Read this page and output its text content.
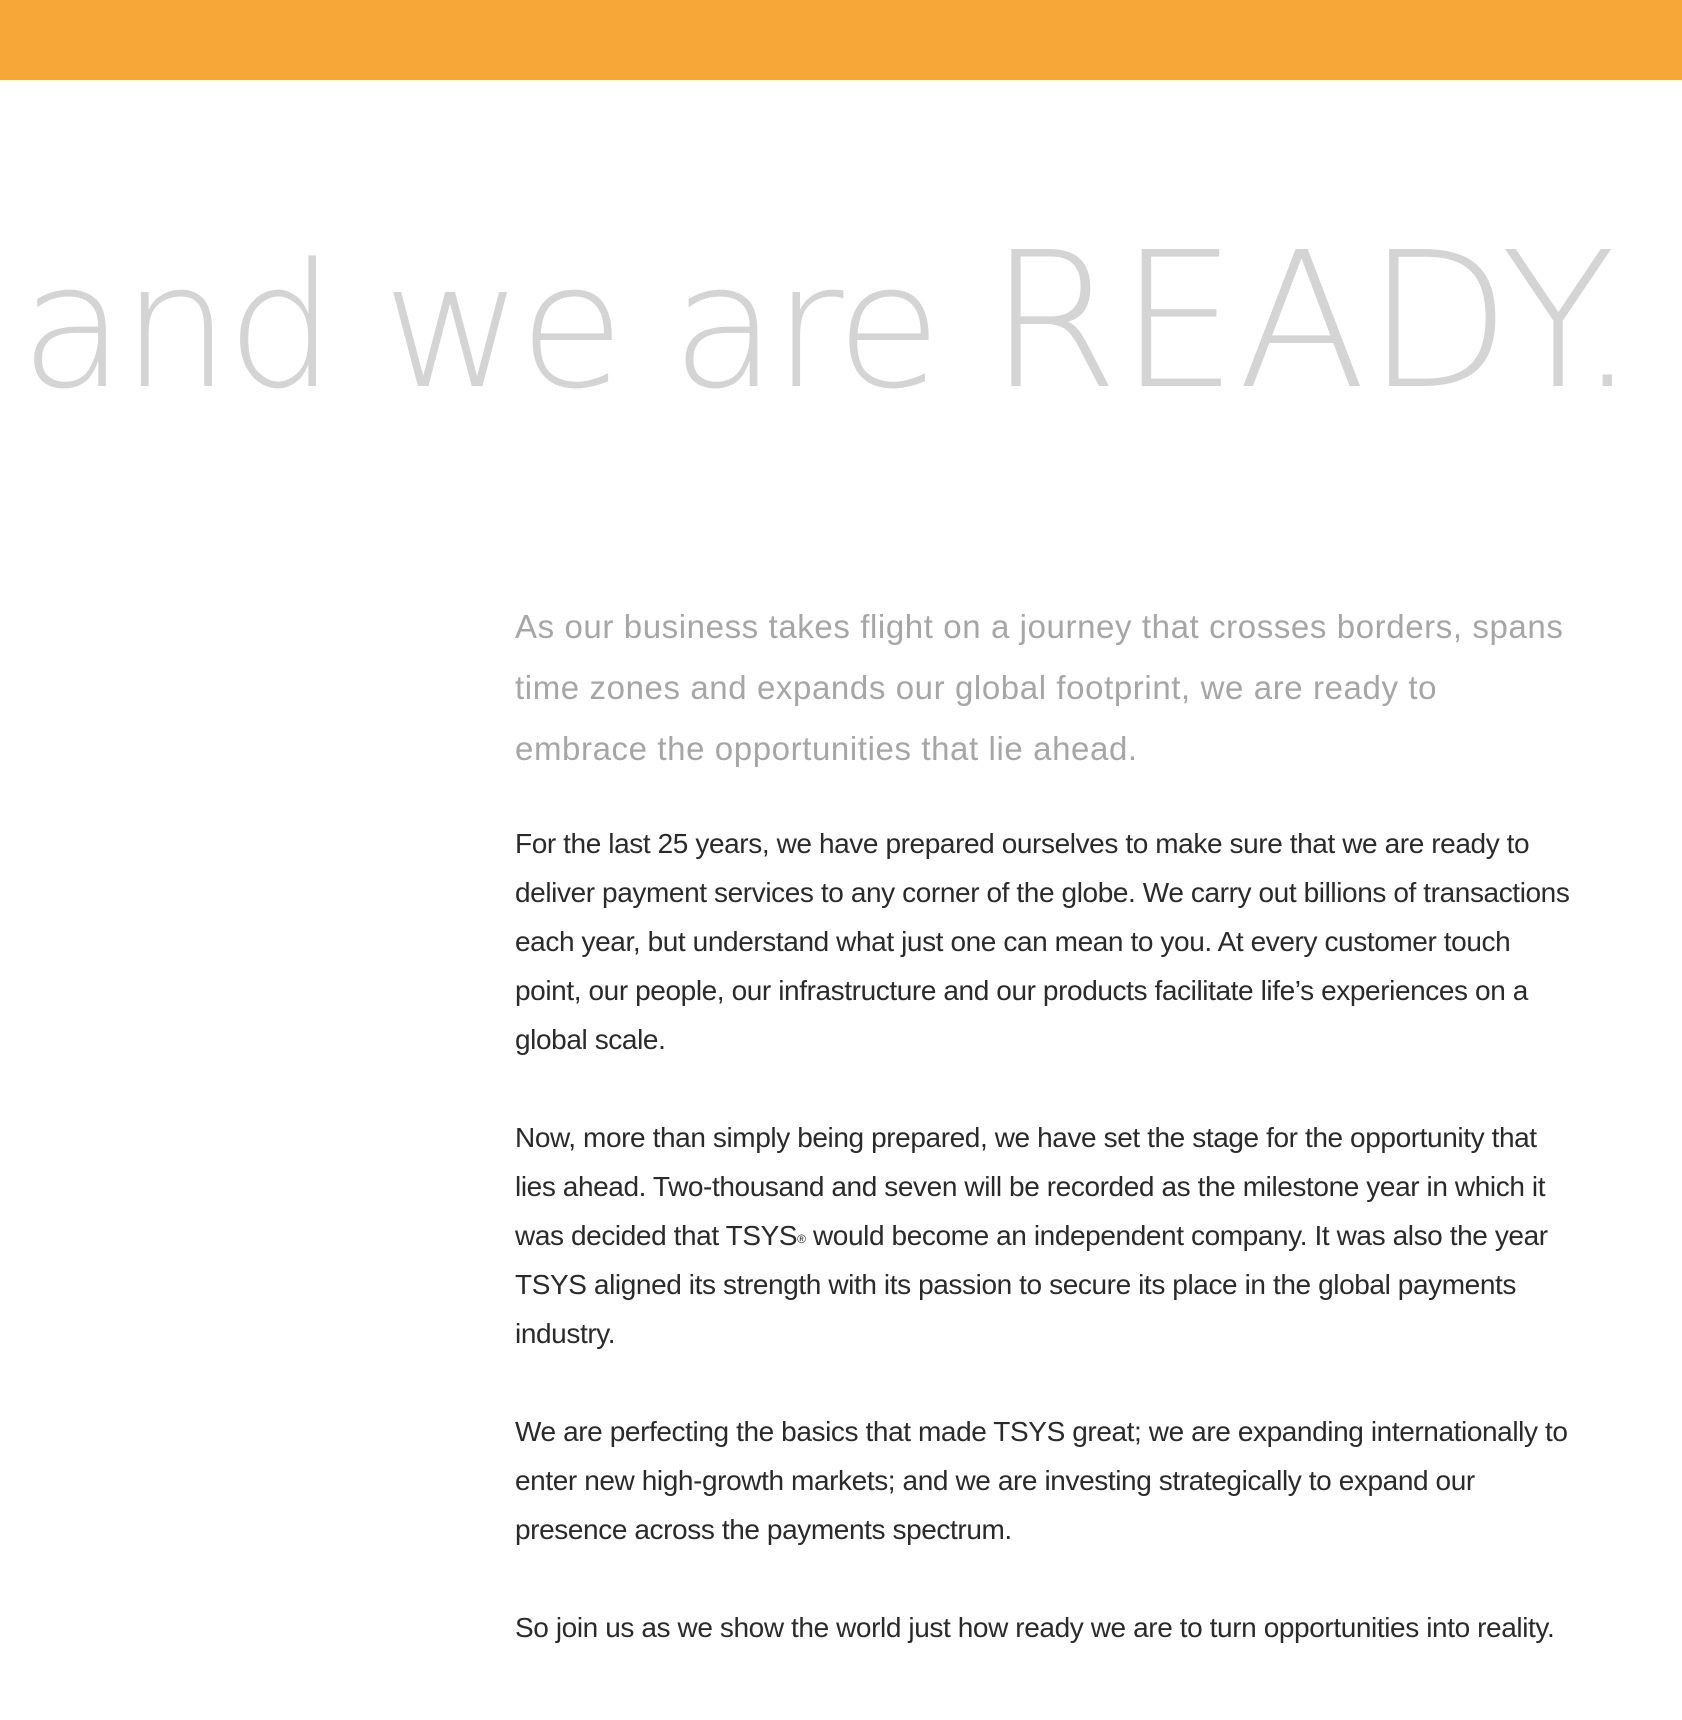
and we are READY.

As our business takes flight on a journey that crosses borders, spans time zones and expands our global footprint, we are ready to embrace the opportunities that lie ahead.

For the last 25 years, we have prepared ourselves to make sure that we are ready to deliver payment services to any corner of the globe. We carry out billions of transactions each year, but understand what just one can mean to you. At every customer touch point, our people, our infrastructure and our products facilitate life’s experiences on a global scale.

Now, more than simply being prepared, we have set the stage for the opportunity that lies ahead. Two-thousand and seven will be recorded as the milestone year in which it was decided that TSYS® would become an independent company. It was also the year TSYS aligned its strength with its passion to secure its place in the global payments industry.

We are perfecting the basics that made TSYS great; we are expanding internationally to enter new high-growth markets; and we are investing strategically to expand our presence across the payments spectrum.

So join us as we show the world just how ready we are to turn opportunities into reality.
